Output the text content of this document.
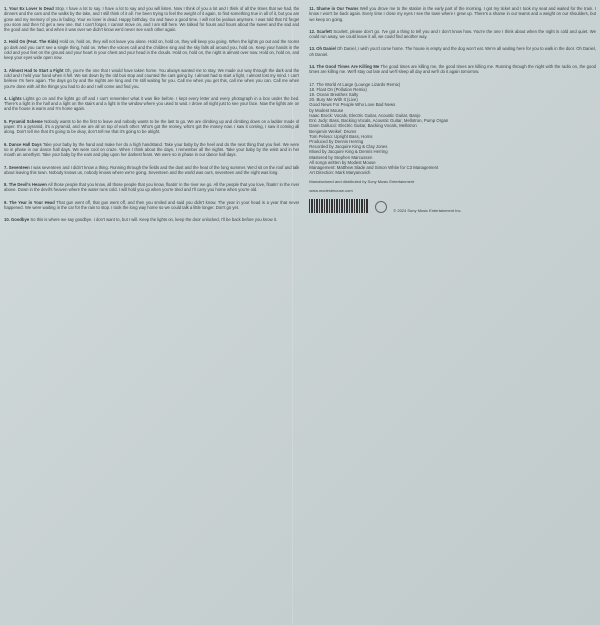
1. Your Ex Lover Is Dead Stop. I have a lot to say. I have a lot to say and you will listen. Now I think of you a lot and I think of all the times that we had, the dinners and the cars and the walks by the lake, and I still think of it all. I've been trying to feel the weight of it again, to find something true in all of it, but you are gone and my memory of you is fading. Your ex lover is dead. Happy birthday. Go and have a good time, I will not be jealous anymore. I was told that I'd forget you soon and then I'd get a new one. But I can't forget, I cannot move on, and I am still here. We talked for hours and hours about the sweet and the sad and the good and the bad, and when it was over we didn't know we'd never see each other again.

2. Hold On (Feat. The Kids) Hold on, hold on, they will not leave you alone. Hold on, hold on, they will keep you going. When the lights go out and the rooms go dark and you can't see a single thing, hold on. When the voices call and the children sing and the sky falls all around you, hold on. Keep your hands in the cold and your feet on the ground and your heart in your chest and your head in the clouds. Hold on, hold on, the night is almost over now. Hold on, hold on, and keep your eyes wide open now.

3. Almost Had to Start a Fight Oh, you're the one that I would have taken home. You always wanted me to stay. We made our way through the dark and the cold and I held your hand when it fell. We sat down by the old bus stop and counted the cars going by. I almost had to start a fight, I almost lost my mind. I can't believe I'm here again. The days go by and the nights are long and I'm still waiting for you. Call me when you get this, call me when you can. Call me when you're done with all the things you had to do and I will come and find you.

4. Lights Lights go on and the lights go off and I can't remember what it was like before. I kept every letter and every photograph in a box under the bed. There's a light in the hall and a light on the stairs and a light in the window where you used to wait. I drove all night just to see your face. Now the lights are on and the house is warm and I'm home again.

5. Pyramid Scheme Nobody wants to be the first to leave and nobody wants to be the last to go. We are climbing up and climbing down on a ladder made of paper. It's a pyramid, it's a pyramid, and we are all on top of each other. Who's got the money, who's got the money now. I saw it coming, I saw it coming all along. Don't tell me that it's going to be okay, don't tell me that it's going to be alright.

6. Dance Hall Days Take your baby by the hand and make her do a high handstand. Take your baby by the heel and do the next thing that you feel. We were so in phase in our dance hall days. We were cool on craze. When I think about the days, I remember all the nights. Take your baby by the wrist and in her mouth an amethyst. Take your baby by the ears and play upon her darkest fears. We were so in phase in our dance hall days.

7. Seventeen I was seventeen and I didn't know a thing. Running through the fields and the dust and the heat of the long summer. We'd sit on the roof and talk about leaving this town. Nobody knows us, nobody knows where we're going. Seventeen and the world was ours, seventeen and the night was long.

8. The Devil's Heaven All those people that you know, all those people that you know, floatin' in the river we go. All the people that you love, floatin' in the river above. Down in the devil's heaven where the water runs cold. I will hold you up when you're tired and I'll carry you home when you're old.

9. The Year in Your Head That gun went off, that gun went off, and then you smiled and said you didn't know. The year in your head is a year that never happened. We were waiting in the car for the rain to stop. I took the long way home so we could talk a little longer. Don't go yet.

10. Goodbye So this is where we say goodbye. I don't want to, but I will. Keep the lights on, keep the door unlocked, I'll be back before you know it.

11. Shame in Our Teams Well you drove me to the station in the early part of the morning. I got my ticket and I took my seat and waited for the train. I know I won't be back again. Every time I close my eyes I see the town where I grew up. There's a shame in our teams and a weight on our shoulders, but we keep on going.

12. Scarlett Scarlett, please don't go. I've got a thing to tell you and I don't know how. You're the one I think about when the night is cold and quiet. We could run away, we could leave it all, we could find another way.

13. Oh Daniel Oh Daniel, I wish you'd come home. The house is empty and the dog won't eat. We're all waiting here for you to walk in the door. Oh Daniel, oh Daniel.

14. The Good Times Are Killing Me The good times are killing me, the good times are killing me. Running through the night with the radio on, the good times are killing me. We'll stay out late and we'll sleep all day and we'll do it again tomorrow.

17. The World At Large (Lounge Lizards Remix)

18. Float On (Pollution Remix)

19. Ocean Breathes Salty

20. Bury Me With It (Live)

Good News For People Who Love Bad News

by Modest Mouse

Isaac Brock: Vocals, Electric Guitar, Acoustic Guitar, Banjo

Eric Judy: Bass, Backing Vocals, Acoustic Guitar, Mellotron, Pump Organ

Dann Gallucci: Electric Guitar, Backing Vocals, Mellotron

Benjamin Weikel: Drums

Tom Peloso: Upright Bass, Horns

Produced by Dennis Herring

Recorded by Jacquire King & Clay Jones

Mixed by Jacquire King & Dennis Herring

Mastered by Stephen Marcussen

All songs written by Modest Mouse

Management: Matthew Slade and Simon White for C3 Management

Art Direction: Mark Maryanovich

Manufactured and distributed by Sony Music Entertainment

www.modestmouse.com

© 2024 Sony Music Entertainment Inc.
